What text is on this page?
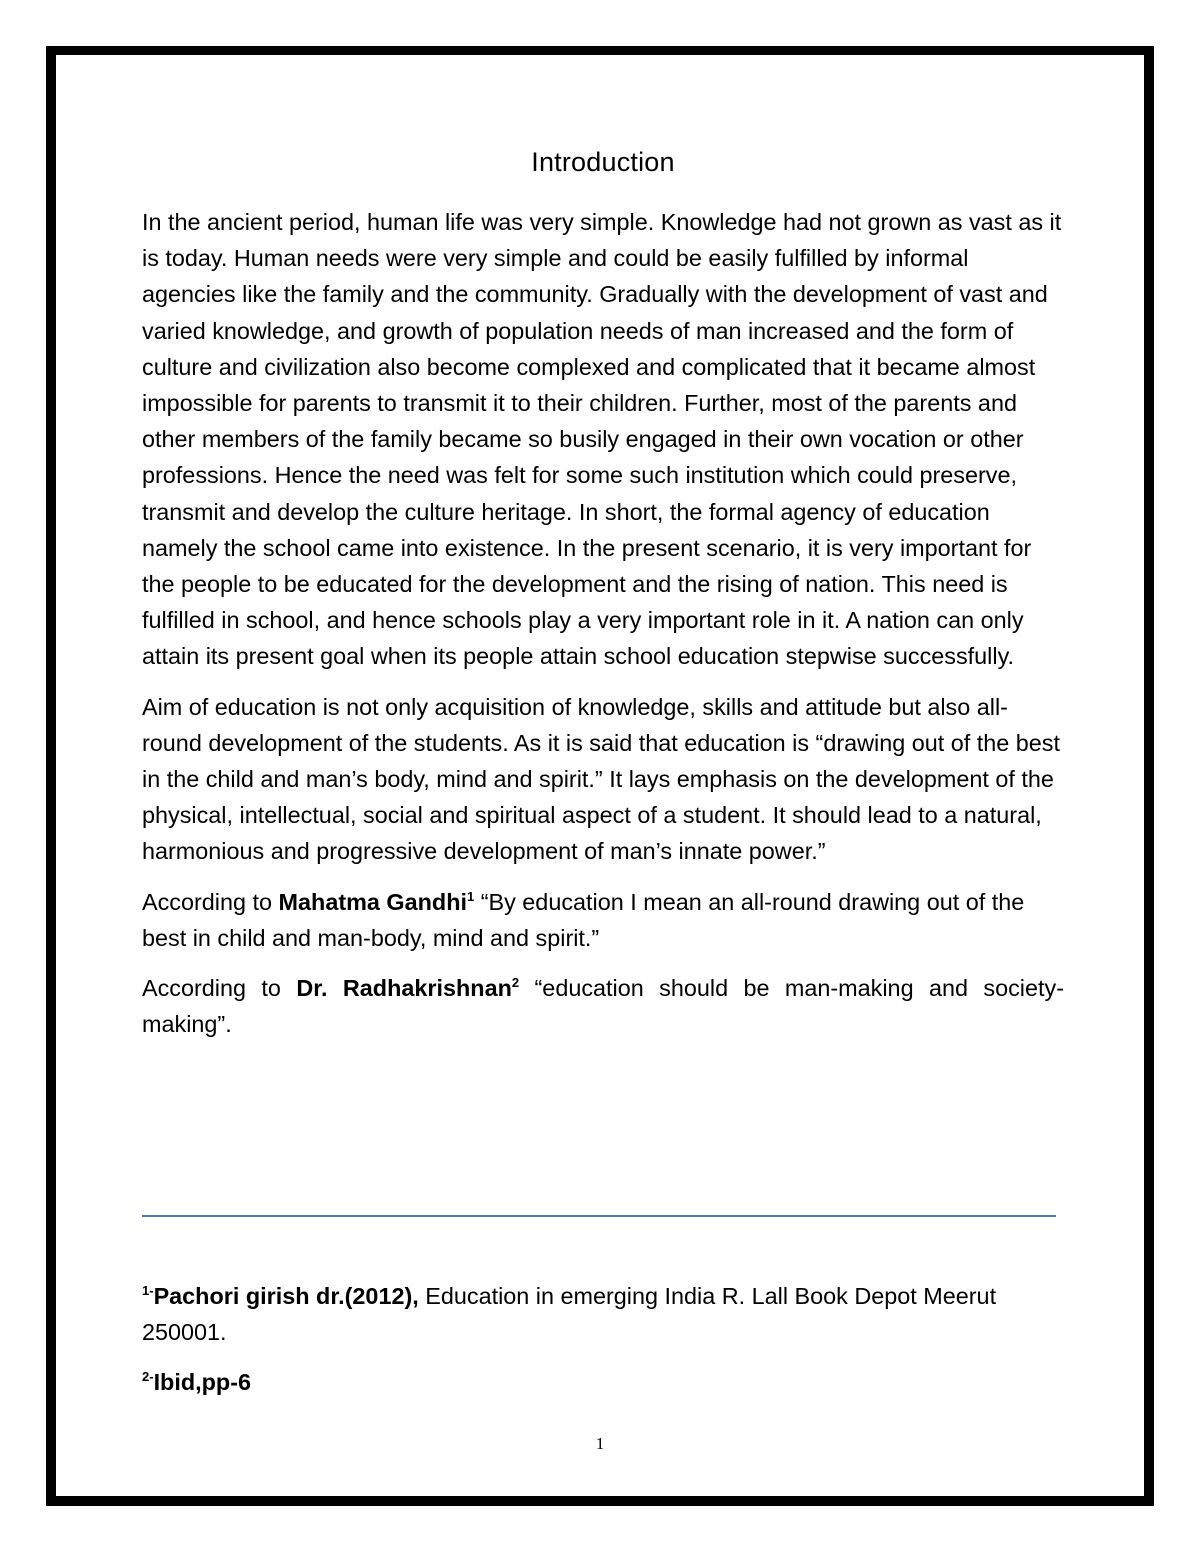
Introduction

In the ancient period, human life was very simple. Knowledge had not grown as vast as it is today. Human needs were very simple and could be easily fulfilled by informal agencies like the family and the community. Gradually with the development of vast and varied knowledge, and growth of population needs of man increased and the form of culture and civilization also become complexed and complicated that it became almost impossible for parents to transmit it to their children. Further, most of the parents and other members of the family became so busily engaged in their own vocation or other professions. Hence the need was felt for some such institution which could preserve, transmit and develop the culture heritage. In short, the formal agency of education namely the school came into existence. In the present scenario, it is very important for the people to be educated for the development and the rising of nation. This need is fulfilled in school, and hence schools play a very important role in it. A nation can only attain its present goal when its people attain school education stepwise successfully.

Aim of education is not only acquisition of knowledge, skills and attitude but also all-round development of the students. As it is said that education is “drawing out of the best in the child and man’s body, mind and spirit.” It lays emphasis on the development of the physical, intellectual, social and spiritual aspect of a student. It should lead to a natural, harmonious and progressive development of man’s innate power.”

According to Mahatma Gandhi$^1$ “By education I mean an all-round drawing out of the best in child and man-body, mind and spirit.”

According to Dr. Radhakrishnan$^2$ “education should be man-making and society-making”.

$^{1-}$Pachori girish dr.(2012), Education in emerging India R. Lall Book Depot Meerut 250001.

$^{2-}$Ibid,pp-6

1
